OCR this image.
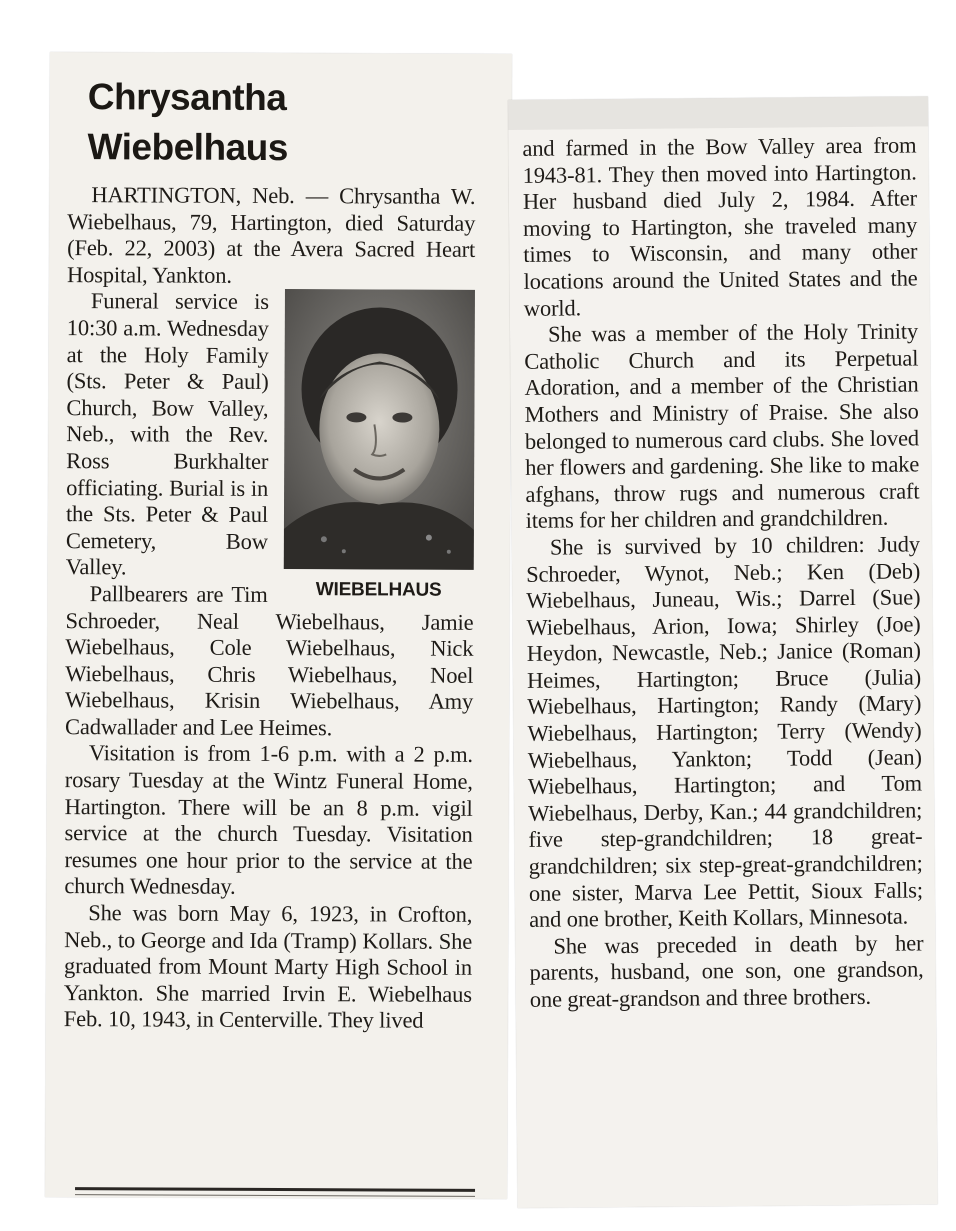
Chrysantha
Wiebelhaus

HARTINGTON, Neb. — Chrysantha W. Wiebelhaus, 79, Hartington, died Saturday (Feb. 22, 2003) at the Avera Sacred Heart Hospital, Yankton.

WIEBELHAUS

Funeral service is 10:30 a.m. Wednesday at the Holy Family (Sts. Peter & Paul) Church, Bow Valley, Neb., with the Rev. Ross Burkhalter officiating. Burial is in the Sts. Peter & Paul Cemetery, Bow Valley.

Pallbearers are Tim Schroeder, Neal Wiebelhaus, Jamie Wiebelhaus, Cole Wiebelhaus, Nick Wiebelhaus, Chris Wiebelhaus, Noel Wiebelhaus, Krisin Wiebelhaus, Amy Cadwallader and Lee Heimes.

Visitation is from 1-6 p.m. with a 2 p.m. rosary Tuesday at the Wintz Funeral Home, Hartington. There will be an 8 p.m. vigil service at the church Tuesday. Visitation resumes one hour prior to the service at the church Wednesday.

She was born May 6, 1923, in Crofton, Neb., to George and Ida (Tramp) Kollars. She graduated from Mount Marty High School in Yankton. She married Irvin E. Wiebelhaus Feb. 10, 1943, in Centerville. They lived

and farmed in the Bow Valley area from 1943-81. They then moved into Hartington. Her husband died July 2, 1984. After moving to Hartington, she traveled many times to Wisconsin, and many other locations around the United States and the world.

She was a member of the Holy Trinity Catholic Church and its Perpetual Adoration, and a member of the Christian Mothers and Ministry of Praise. She also belonged to numerous card clubs. She loved her flowers and gardening. She like to make afghans, throw rugs and numerous craft items for her children and grandchildren.

She is survived by 10 children: Judy Schroeder, Wynot, Neb.; Ken (Deb) Wiebelhaus, Juneau, Wis.; Darrel (Sue) Wiebelhaus, Arion, Iowa; Shirley (Joe) Heydon, Newcastle, Neb.; Janice (Roman) Heimes, Hartington; Bruce (Julia) Wiebelhaus, Hartington; Randy (Mary) Wiebelhaus, Hartington; Terry (Wendy) Wiebelhaus, Yankton; Todd (Jean) Wiebelhaus, Hartington; and Tom Wiebelhaus, Derby, Kan.; 44 grandchildren; five step-grandchildren; 18 great-grandchildren; six step-great-grandchildren; one sister, Marva Lee Pettit, Sioux Falls; and one brother, Keith Kollars, Minnesota.

She was preceded in death by her parents, husband, one son, one grandson, one great-grandson and three brothers.
